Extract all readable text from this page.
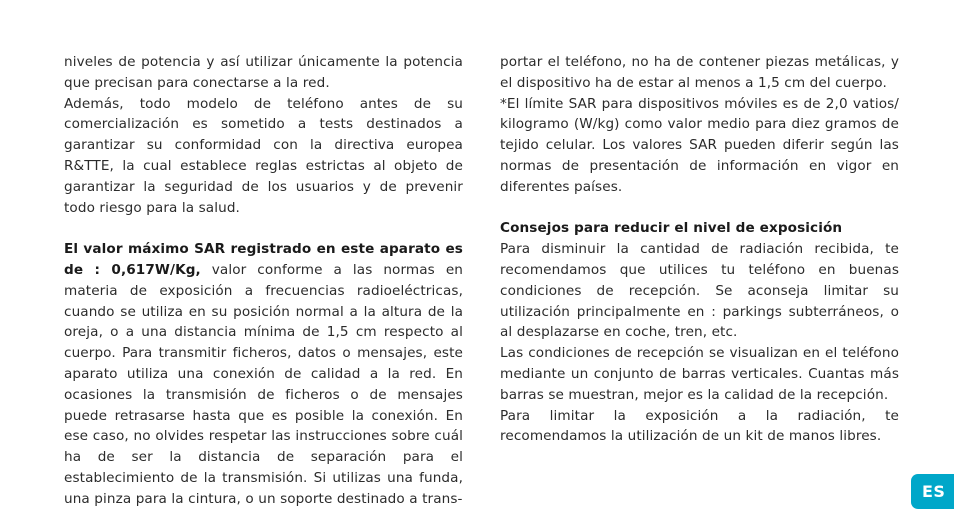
niveles de potencia y así utilizar únicamente la potencia que precisan para conectarse a la red.

Además, todo modelo de teléfono antes de su comercialización es sometido a tests destinados a garantizar su conformidad con la directiva europea R&TTE, la cual establece reglas estrictas al objeto de garantizar la seguridad de los usuarios y de prevenir todo riesgo para la salud.

El valor máximo SAR registrado en este aparato es de : 0,617W/Kg, valor conforme a las normas en materia de exposición a frecuencias radioeléctricas, cuando se utiliza en su posición normal a la altura de la oreja, o a una distancia mínima de 1,5 cm respecto al cuerpo. Para transmitir ficheros, datos o mensajes, este aparato utiliza una conexión de calidad a la red. En ocasiones la transmisión de ficheros o de mensajes puede retrasarse hasta que es posible la conexión. En ese caso, no olvides respetar las instrucciones sobre cuál ha de ser la distancia de separación para el establecimiento de la transmisión. Si utilizas una funda, una pinza para la cintura, o un soporte destinado a trans-

portar el teléfono, no ha de contener piezas metálicas, y el dispositivo ha de estar al menos a 1,5 cm del cuerpo.

*El límite SAR para dispositivos móviles es de 2,0 vatios/ kilogramo (W/kg) como valor medio para diez gramos de tejido celular. Los valores SAR pueden diferir según las normas de presentación de información en vigor en diferentes países.

Consejos para reducir el nivel de exposición

Para disminuir la cantidad de radiación recibida, te recomendamos que utilices tu teléfono en buenas condiciones de recepción. Se aconseja limitar su utilización principalmente en : parkings subterráneos, o al desplazarse en coche, tren, etc.

Las condiciones de recepción se visualizan en el teléfono mediante un conjunto de barras verticales. Cuantas más barras se muestran, mejor es la calidad de la recepción.

Para limitar la exposición a la radiación, te recomendamos la utilización de un kit de manos libres.

ES
